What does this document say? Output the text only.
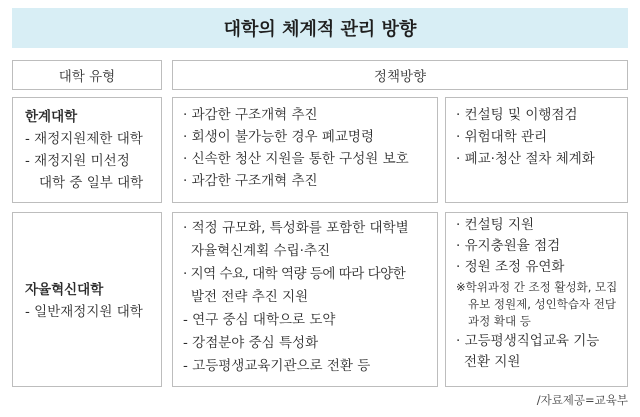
대학의 체계적 관리 방향
대학 유형	정책방향
한계대학
- 재정지원제한 대학
- 재정지원 미선정
대학 중 일부 대학
· 과감한 구조개혁 추진
· 회생이 불가능한 경우 폐교명령
· 신속한 청산 지원을 통한 구성원 보호
· 과감한 구조개혁 추진
· 컨설팅 및 이행점검
· 위험대학 관리
· 폐교·청산 절차 체계화
자율혁신대학
- 일반재정지원 대학
· 적정 규모화, 특성화를 포함한 대학별
자율혁신계획 수립·추진
· 지역 수요, 대학 역량 등에 따라 다양한
발전 전략 추진 지원
- 연구 중심 대학으로 도약
- 강점분야 중심 특성화
- 고등평생교육기관으로 전환 등
· 컨설팅 지원
· 유지충원율 점검
· 정원 조정 유연화
※학위과정 간 조정 활성화, 모집
유보 정원제, 성인학습자 전담
과정 확대 등
· 고등평생직업교육 기능
전환 지원
/자료제공=교육부
